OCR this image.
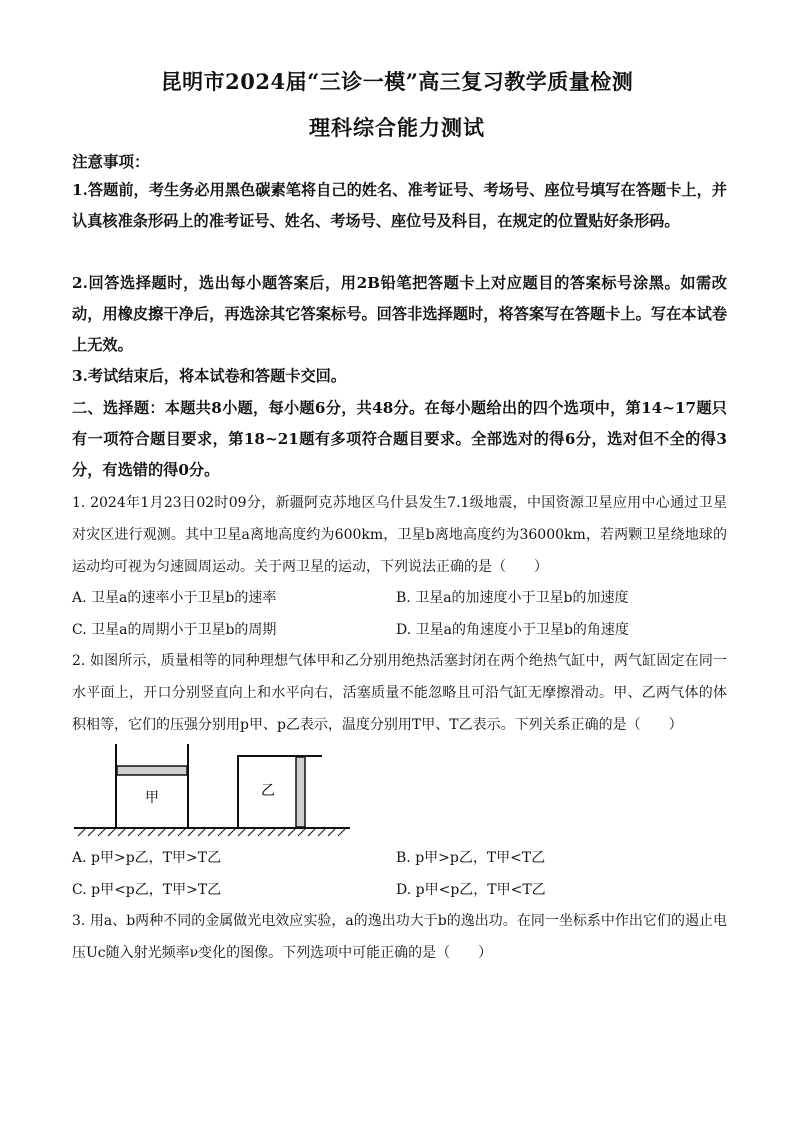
昆明市2024届“三诊一模”高三复习教学质量检测
理科综合能力测试
注意事项：
1.答题前，考生务必用黑色碳素笔将自己的姓名、准考证号、考场号、座位号填写在答题卡上，并认真核准条形码上的准考证号、姓名、考场号、座位号及科目，在规定的位置贴好条形码。
2.回答选择题时，选出每小题答案后，用2B铅笔把答题卡上对应题目的答案标号涂黑。如需改动，用橡皮擦干净后，再选涂其它答案标号。回答非选择题时，将答案写在答题卡上。写在本试卷上无效。
3.考试结束后，将本试卷和答题卡交回。
二、选择题：本题共8小题，每小题6分，共48分。在每小题给出的四个选项中，第14~17题只有一项符合题目要求，第18~21题有多项符合题目要求。全部选对的得6分，选对但不全的得3分，有选错的得0分。
1. 2024年1月23日02时09分，新疆阿克苏地区乌什县发生7.1级地震，中国资源卫星应用中心通过卫星对灾区进行观测。其中卫星a离地高度约为600km，卫星b离地高度约为36000km，若两颗卫星绕地球的运动均可视为匀速圆周运动。关于两卫星的运动，下列说法正确的是（　　）
A. 卫星a的速率小于卫星b的速率	B. 卫星a的加速度小于卫星b的加速度
C. 卫星a的周期小于卫星b的周期	D. 卫星a的角速度小于卫星b的角速度
2. 如图所示，质量相等的同种理想气体甲和乙分别用绝热活塞封闭在两个绝热气缸中，两气缸固定在同一水平面上，开口分别竖直向上和水平向右，活塞质量不能忽略且可沿气缸无摩擦滑动。甲、乙两气体的体积相等，它们的压强分别用p甲、p乙表示，温度分别用T甲、T乙表示。下列关系正确的是（　　）
甲	乙
A. p甲>p乙，T甲>T乙	B. p甲>p乙，T甲<T乙
C. p甲<p乙，T甲>T乙	D. p甲<p乙，T甲<T乙
3. 用a、b两种不同的金属做光电效应实验，a的逸出功大于b的逸出功。在同一坐标系中作出它们的遏止电压Uc随入射光频率ν变化的图像。下列选项中可能正确的是（　　）
